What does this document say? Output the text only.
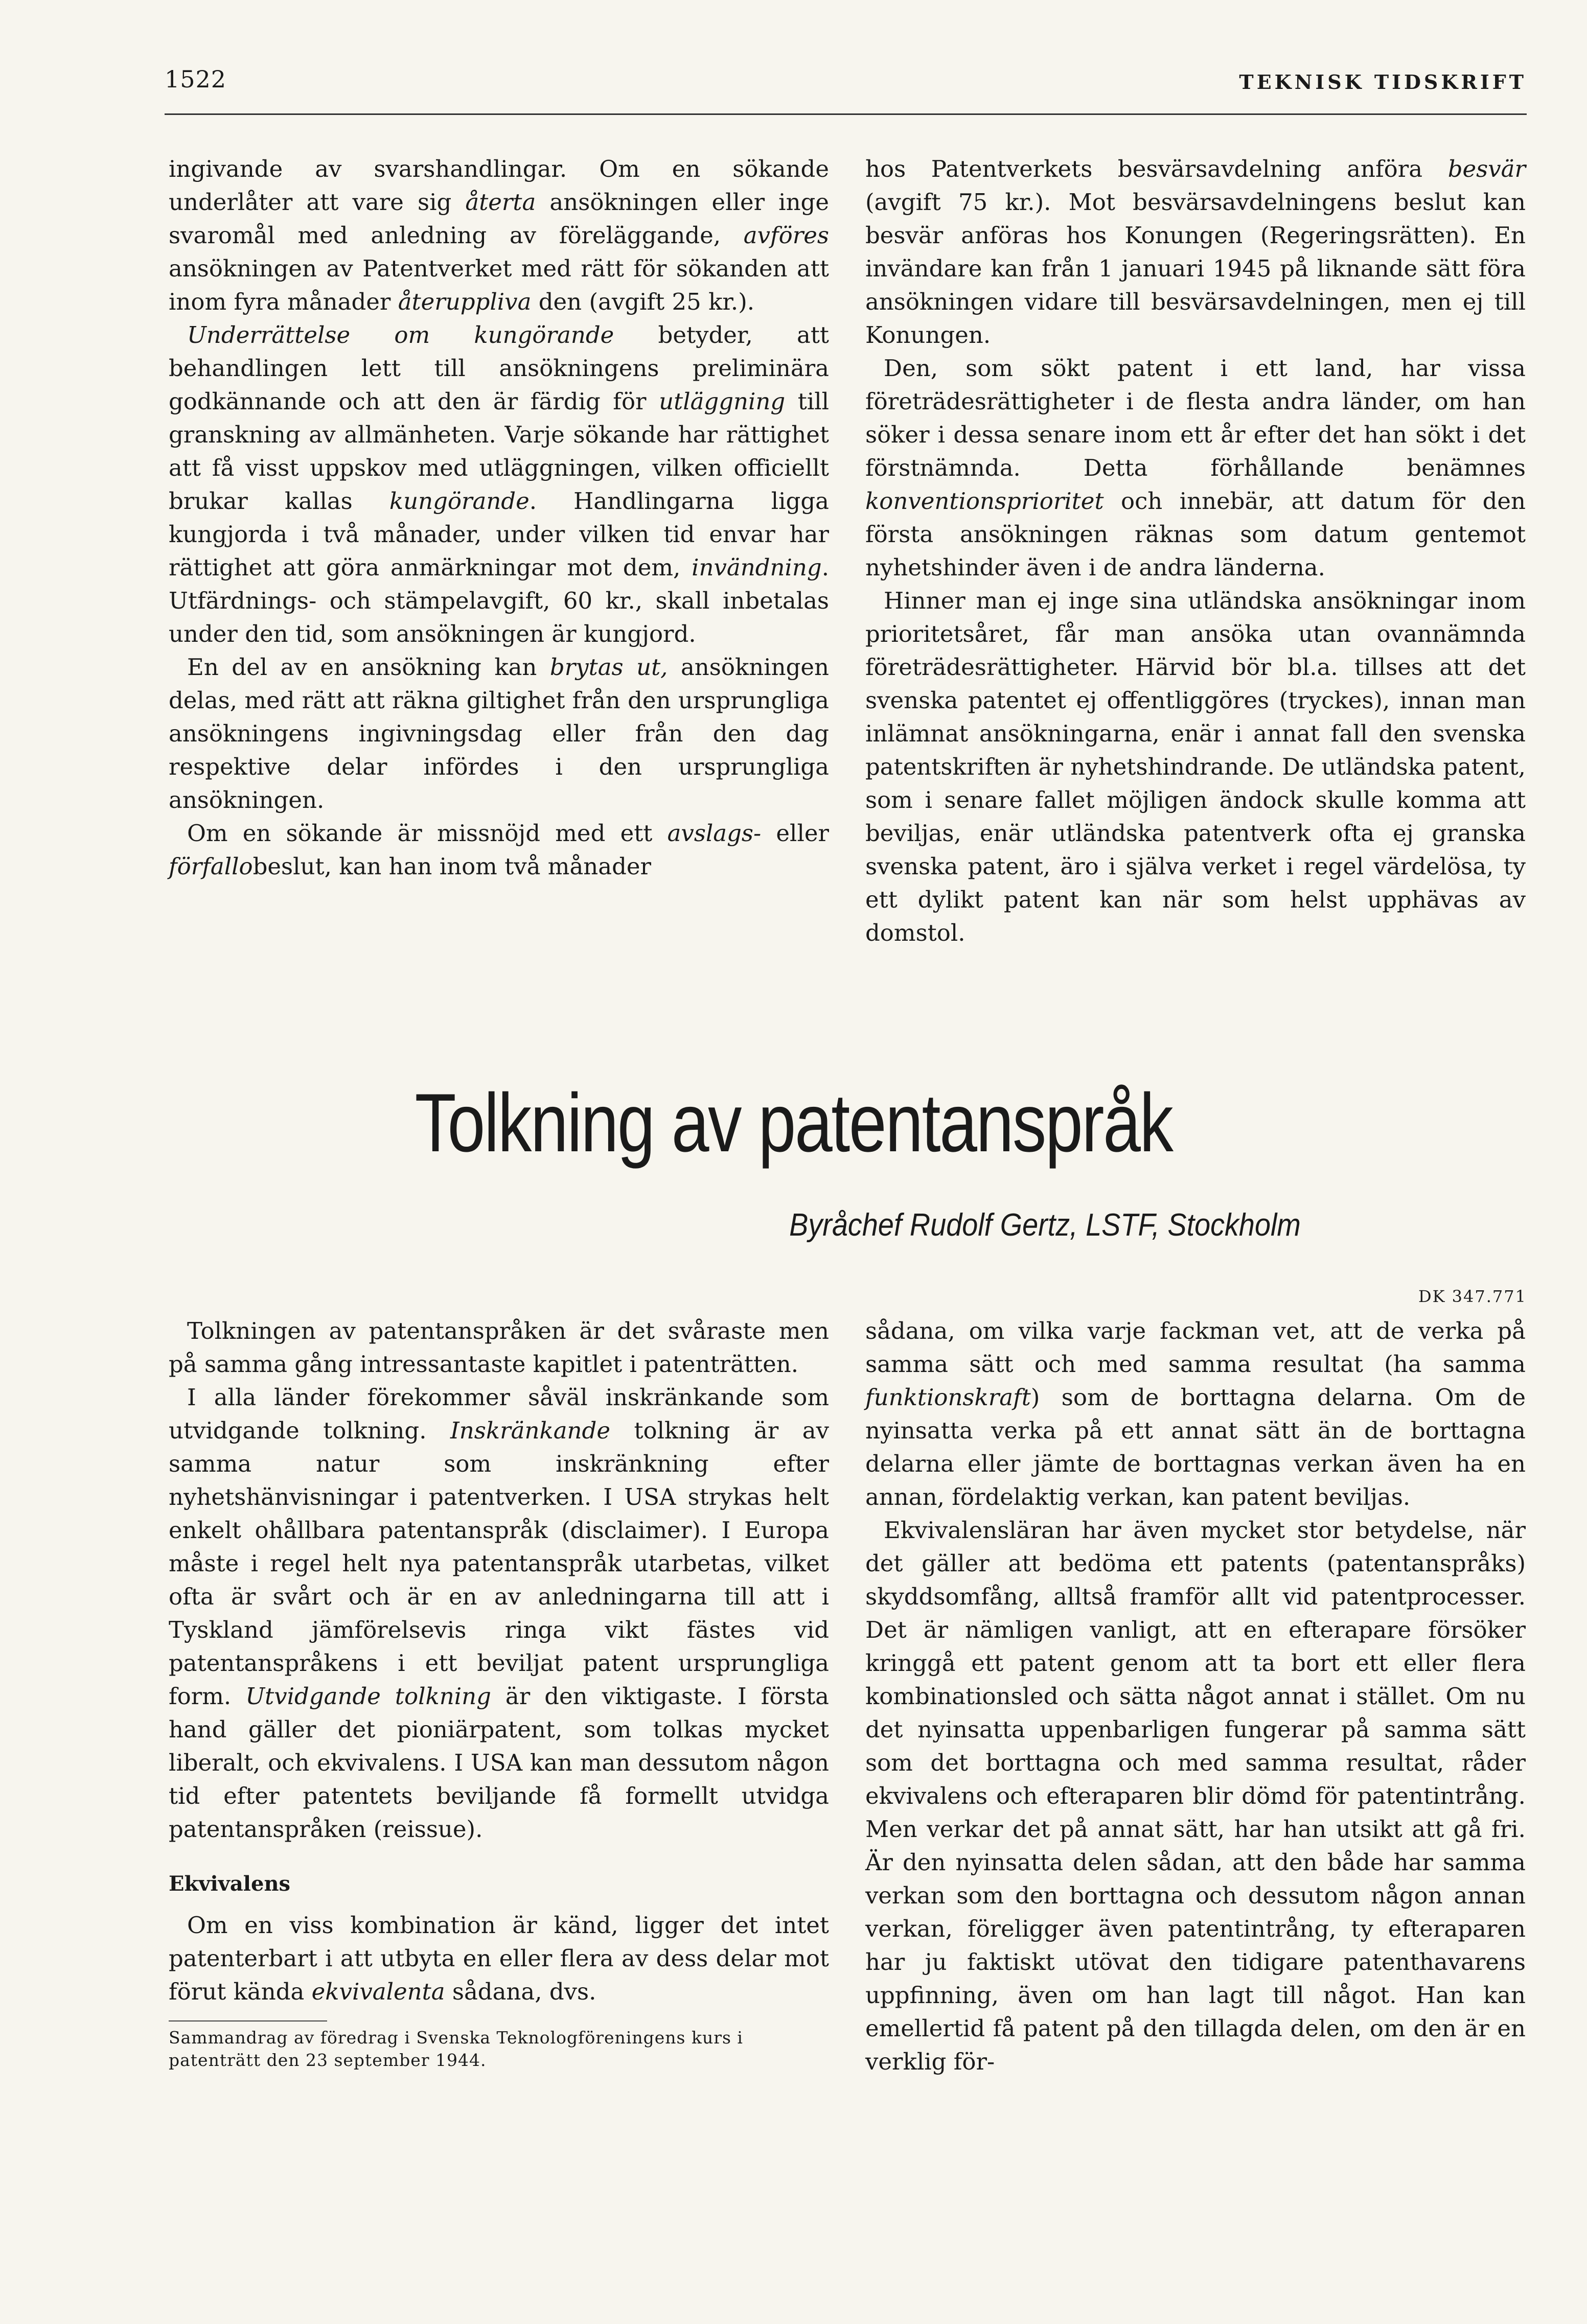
1522	TEKNISK TIDSKRIFT

ingivande av svarshandlingar. Om en sökande underlåter att vare sig återta ansökningen eller inge svaromål med anledning av föreläggande, avföres ansökningen av Patentverket med rätt för sökanden att inom fyra månader återuppliva den (avgift 25 kr.).

Underrättelse om kungörande betyder, att behandlingen lett till ansökningens preliminära godkännande och att den är färdig för utläggning till granskning av allmänheten. Varje sökande har rättighet att få visst uppskov med utläggningen, vilken officiellt brukar kallas kungörande. Handlingarna ligga kungjorda i två månader, under vilken tid envar har rättighet att göra anmärkningar mot dem, invändning. Utfärdnings- och stämpelavgift, 60 kr., skall inbetalas under den tid, som ansökningen är kungjord.

En del av en ansökning kan brytas ut, ansökningen delas, med rätt att räkna giltighet från den ursprungliga ansökningens ingivningsdag eller från den dag respektive delar infördes i den ursprungliga ansökningen.

Om en sökande är missnöjd med ett avslags- eller förfallobeslut, kan han inom två månader

hos Patentverkets besvärsavdelning anföra besvär (avgift 75 kr.). Mot besvärsavdelningens beslut kan besvär anföras hos Konungen (Regeringsrätten). En invändare kan från 1 januari 1945 på liknande sätt föra ansökningen vidare till besvärsavdelningen, men ej till Konungen.

Den, som sökt patent i ett land, har vissa företrädesrättigheter i de flesta andra länder, om han söker i dessa senare inom ett år efter det han sökt i det förstnämnda. Detta förhållande benämnes konventionsprioritet och innebär, att datum för den första ansökningen räknas som datum gentemot nyhetshinder även i de andra länderna.

Hinner man ej inge sina utländska ansökningar inom prioritetsåret, får man ansöka utan ovannämnda företrädesrättigheter. Härvid bör bl.a. tillses att det svenska patentet ej offentliggöres (tryckes), innan man inlämnat ansökningarna, enär i annat fall den svenska patentskriften är nyhetshindrande. De utländska patent, som i senare fallet möjligen ändock skulle komma att beviljas, enär utländska patentverk ofta ej granska svenska patent, äro i själva verket i regel värdelösa, ty ett dylikt patent kan när som helst upphävas av domstol.

Tolkning av patentanspråk
Byråchef Rudolf Gertz, LSTF, Stockholm
DK 347.771

Tolkningen av patentanspråken är det svåraste men på samma gång intressantaste kapitlet i patenträtten.

I alla länder förekommer såväl inskränkande som utvidgande tolkning. Inskränkande tolkning är av samma natur som inskränkning efter nyhetshänvisningar i patentverken. I USA strykas helt enkelt ohållbara patentanspråk (disclaimer). I Europa måste i regel helt nya patentanspråk utarbetas, vilket ofta är svårt och är en av anledningarna till att i Tyskland jämförelsevis ringa vikt fästes vid patentanspråkens i ett beviljat patent ursprungliga form. Utvidgande tolkning är den viktigaste. I första hand gäller det pioniärpatent, som tolkas mycket liberalt, och ekvivalens. I USA kan man dessutom någon tid efter patentets beviljande få formellt utvidga patentanspråken (reissue).

Ekvivalens

Om en viss kombination är känd, ligger det intet patenterbart i att utbyta en eller flera av dess delar mot förut kända ekvivalenta sådana, dvs.

Sammandrag av föredrag i Svenska Teknologföreningens kurs i patenträtt den 23 september 1944.

sådana, om vilka varje fackman vet, att de verka på samma sätt och med samma resultat (ha samma funktionskraft) som de borttagna delarna. Om de nyinsatta verka på ett annat sätt än de borttagna delarna eller jämte de borttagnas verkan även ha en annan, fördelaktig verkan, kan patent beviljas.

Ekvivalensläran har även mycket stor betydelse, när det gäller att bedöma ett patents (patentanspråks) skyddsomfång, alltså framför allt vid patentprocesser. Det är nämligen vanligt, att en efterapare försöker kringgå ett patent genom att ta bort ett eller flera kombinationsled och sätta något annat i stället. Om nu det nyinsatta uppenbarligen fungerar på samma sätt som det borttagna och med samma resultat, råder ekvivalens och efteraparen blir dömd för patentintrång. Men verkar det på annat sätt, har han utsikt att gå fri. Är den nyinsatta delen sådan, att den både har samma verkan som den borttagna och dessutom någon annan verkan, föreligger även patentintrång, ty efteraparen har ju faktiskt utövat den tidigare patenthavarens uppfinning, även om han lagt till något. Han kan emellertid få patent på den tillagda delen, om den är en verklig för-
